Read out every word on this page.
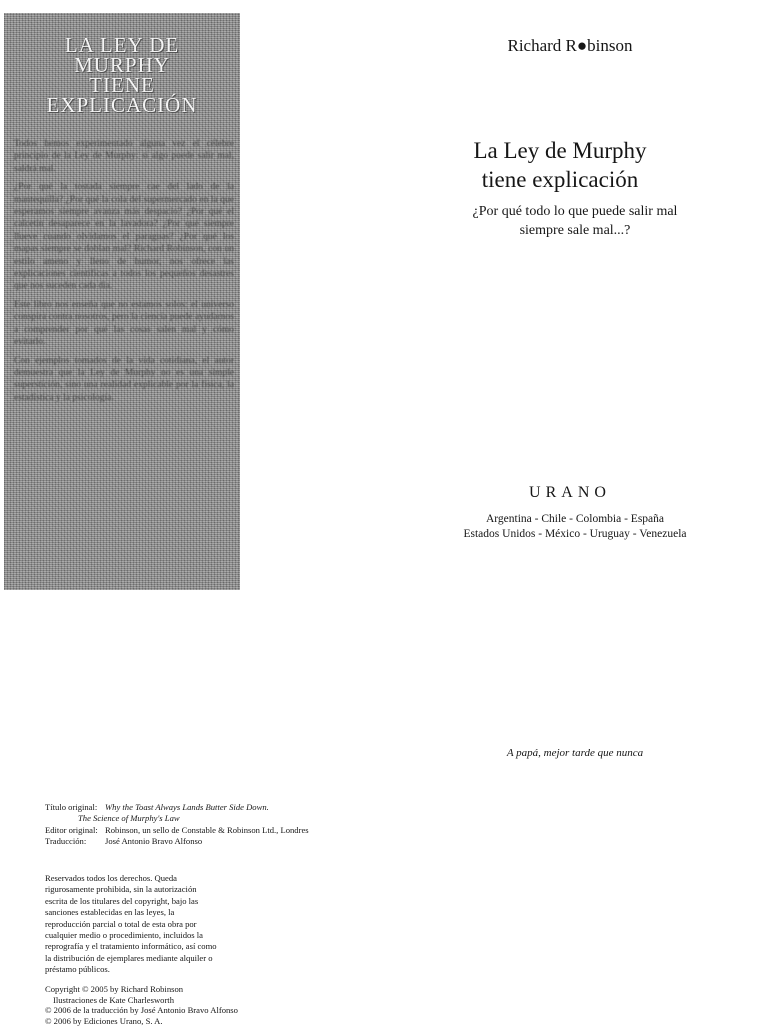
LA LEY DE
MURPHY
TIENE
EXPLICACIÓN

Todos hemos experimentado alguna vez el célebre principio de la Ley de Murphy: si algo puede salir mal, saldrá mal.

¿Por qué la tostada siempre cae del lado de la mantequilla? ¿Por qué la cola del supermercado en la que esperamos siempre avanza más despacio? ¿Por qué el calcetín desaparece en la lavadora? ¿Por qué siempre llueve cuando olvidamos el paraguas? ¿Por qué los mapas siempre se doblan mal? Richard Robinson, con un estilo ameno y lleno de humor, nos ofrece las explicaciones científicas a todos los pequeños desastres que nos suceden cada día.

Este libro nos enseña que no estamos solos: el universo conspira contra nosotros, pero la ciencia puede ayudarnos a comprender por qué las cosas salen mal y cómo evitarlo.

Con ejemplos tomados de la vida cotidiana, el autor demuestra que la Ley de Murphy no es una simple superstición, sino una realidad explicable por la física, la estadística y la psicología.

Richard R●binson
La Ley de Murphy
tiene explicación
¿Por qué todo lo que puede salir mal
siempre sale mal...?
URANO
Argentina - Chile - Colombia - España
Estados Unidos - México - Uruguay - Venezuela
A papá, mejor tarde que nunca
Título original: Why the Toast Always Lands Butter Side Down.
The Science of Murphy's Law
Editor original: Robinson, un sello de Constable & Robinson Ltd., Londres
Traducción: José Antonio Bravo Alfonso
Reservados todos los derechos. Queda rigurosamente prohibida, sin la autorización escrita de los titulares del copyright, bajo las sanciones establecidas en las leyes, la reproducción parcial o total de esta obra por cualquier medio o procedimiento, incluidos la reprografía y el tratamiento informático, así como la distribución de ejemplares mediante alquiler o préstamo públicos.
Copyright © 2005 by Richard Robinson
Ilustraciones de Kate Charlesworth
© 2006 de la traducción by José Antonio Bravo Alfonso
© 2006 by Ediciones Urano, S. A.
